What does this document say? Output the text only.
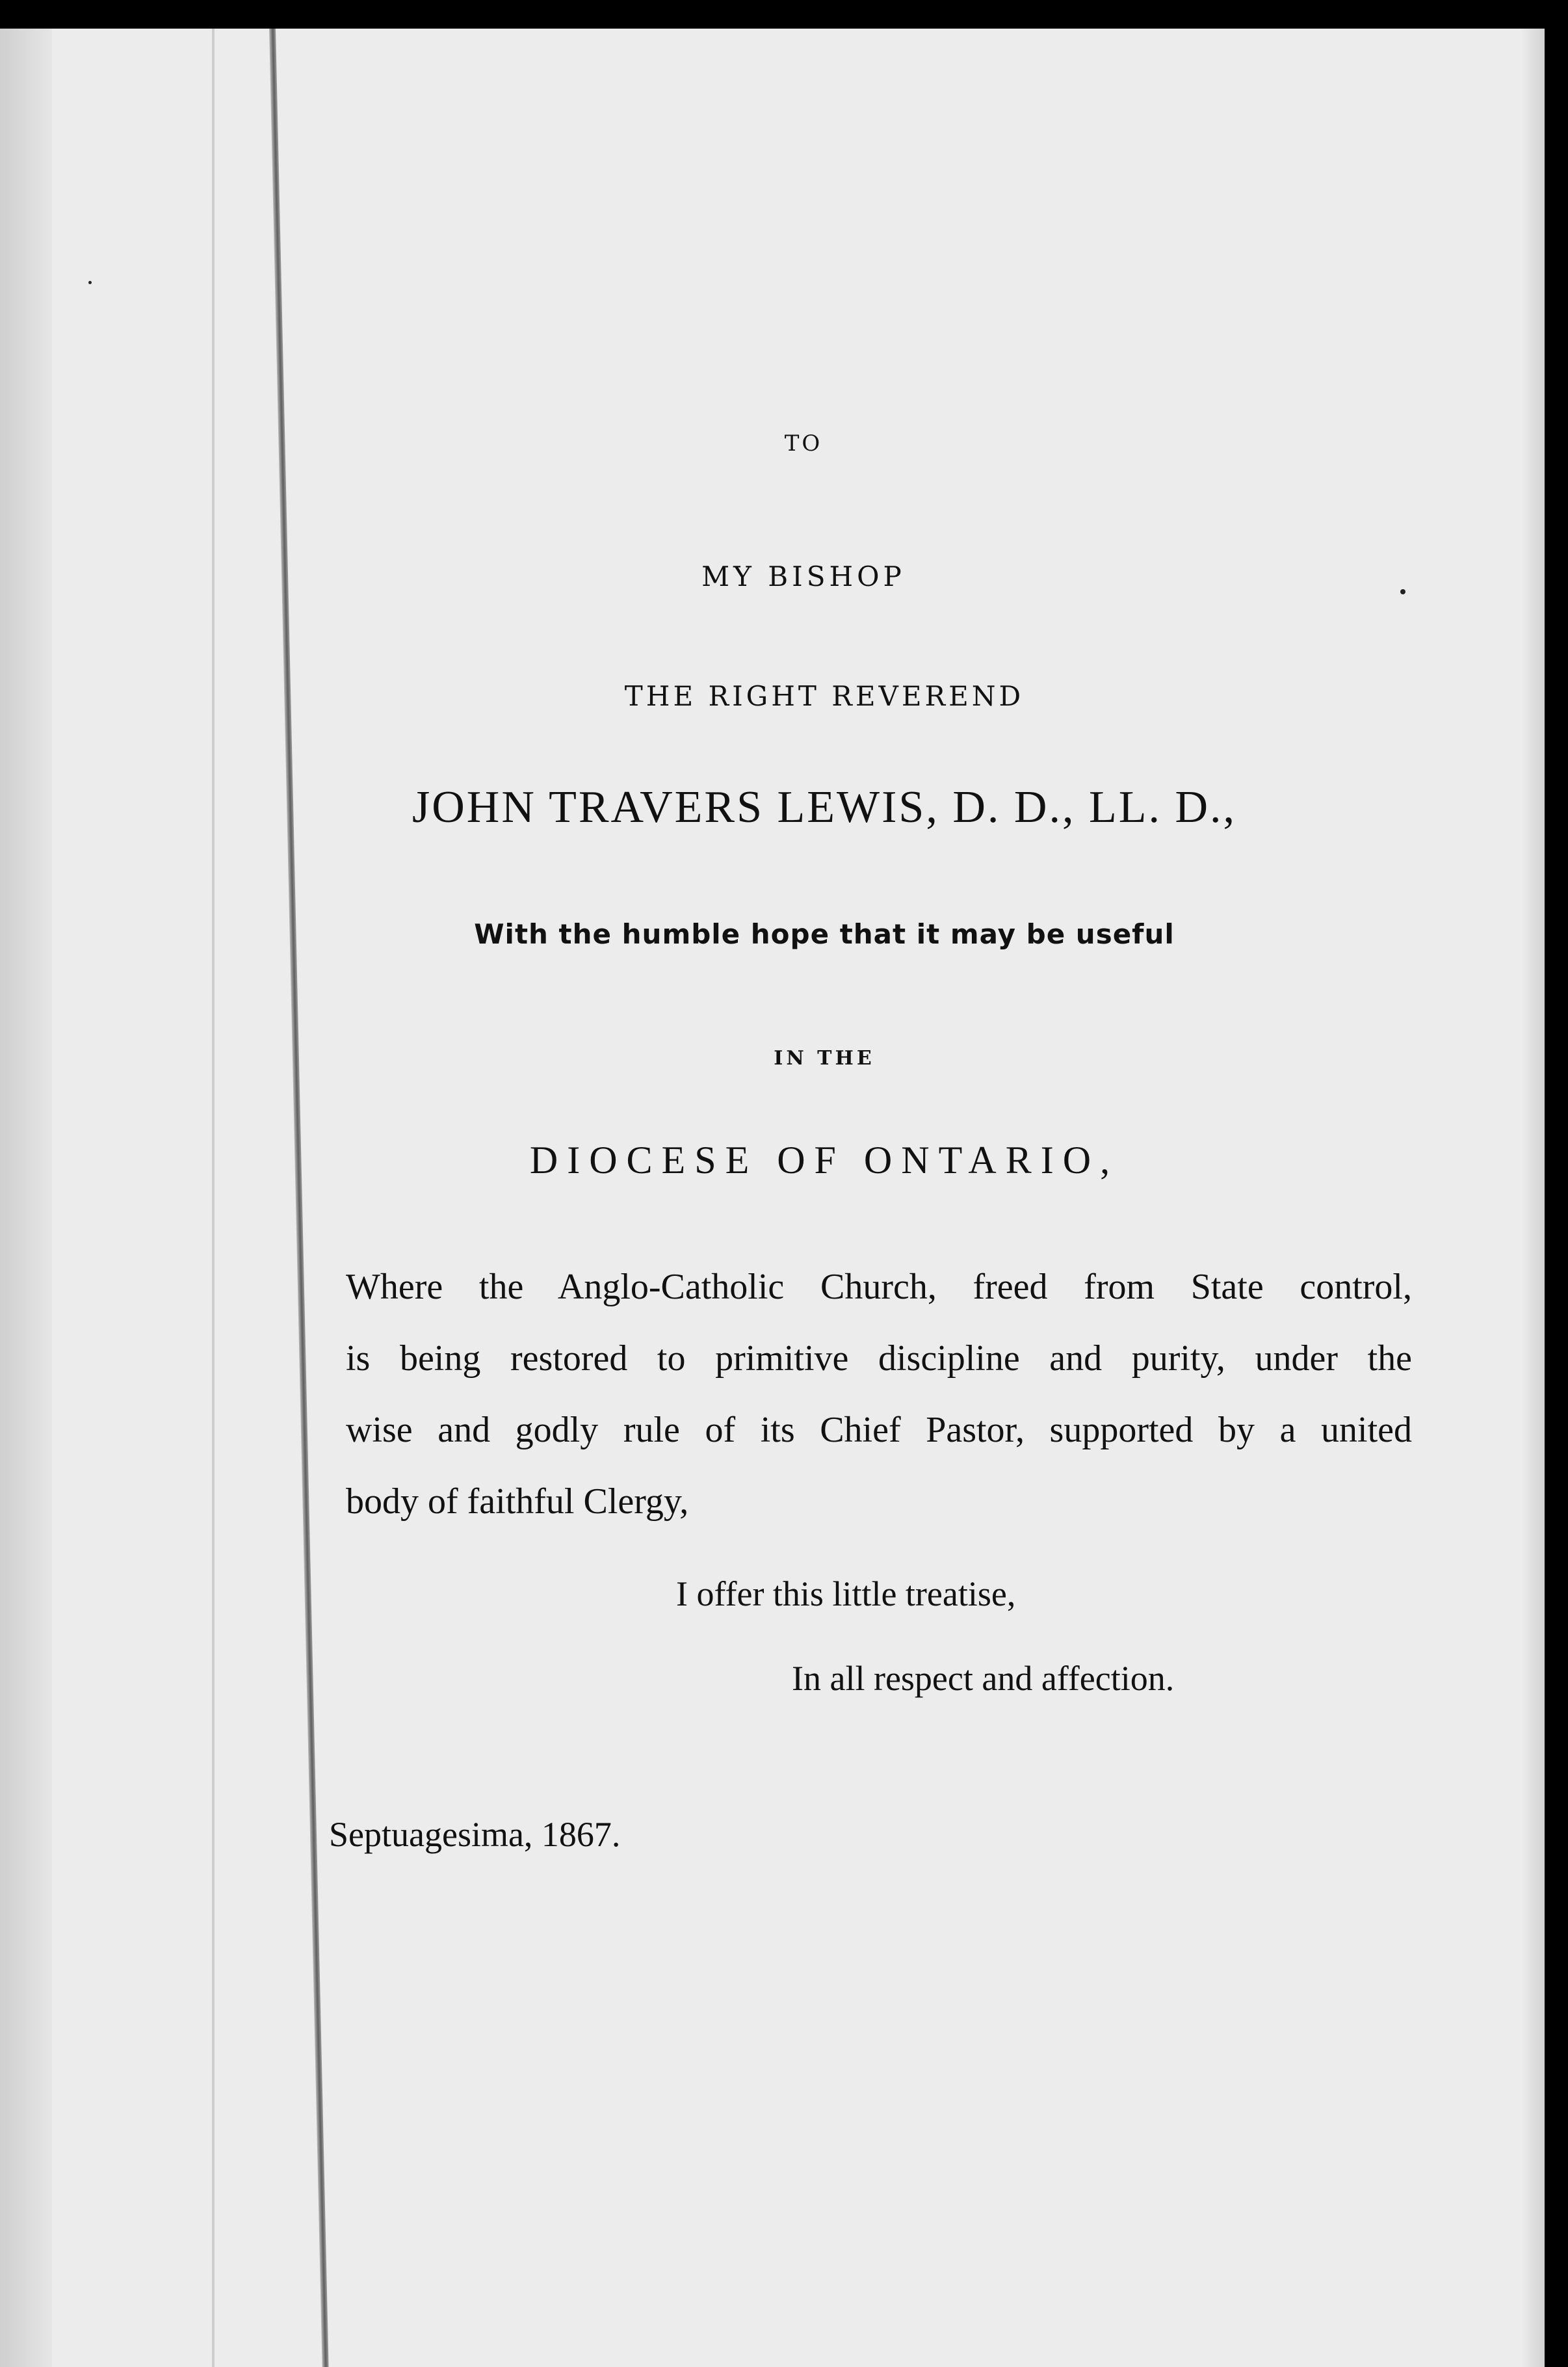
TO
MY BISHOP
THE RIGHT REVEREND
JOHN TRAVERS LEWIS, D. D., LL. D.,
With the humble hope that it may be useful
IN THE
DIOCESE OF ONTARIO,
Where the Anglo-Catholic Church, freed from State control,
is being restored to primitive discipline and purity, under the
wise and godly rule of its Chief Pastor, supported by a united
body of faithful Clergy,
I offer this little treatise,
In all respect and affection.
Septuagesima, 1867.
